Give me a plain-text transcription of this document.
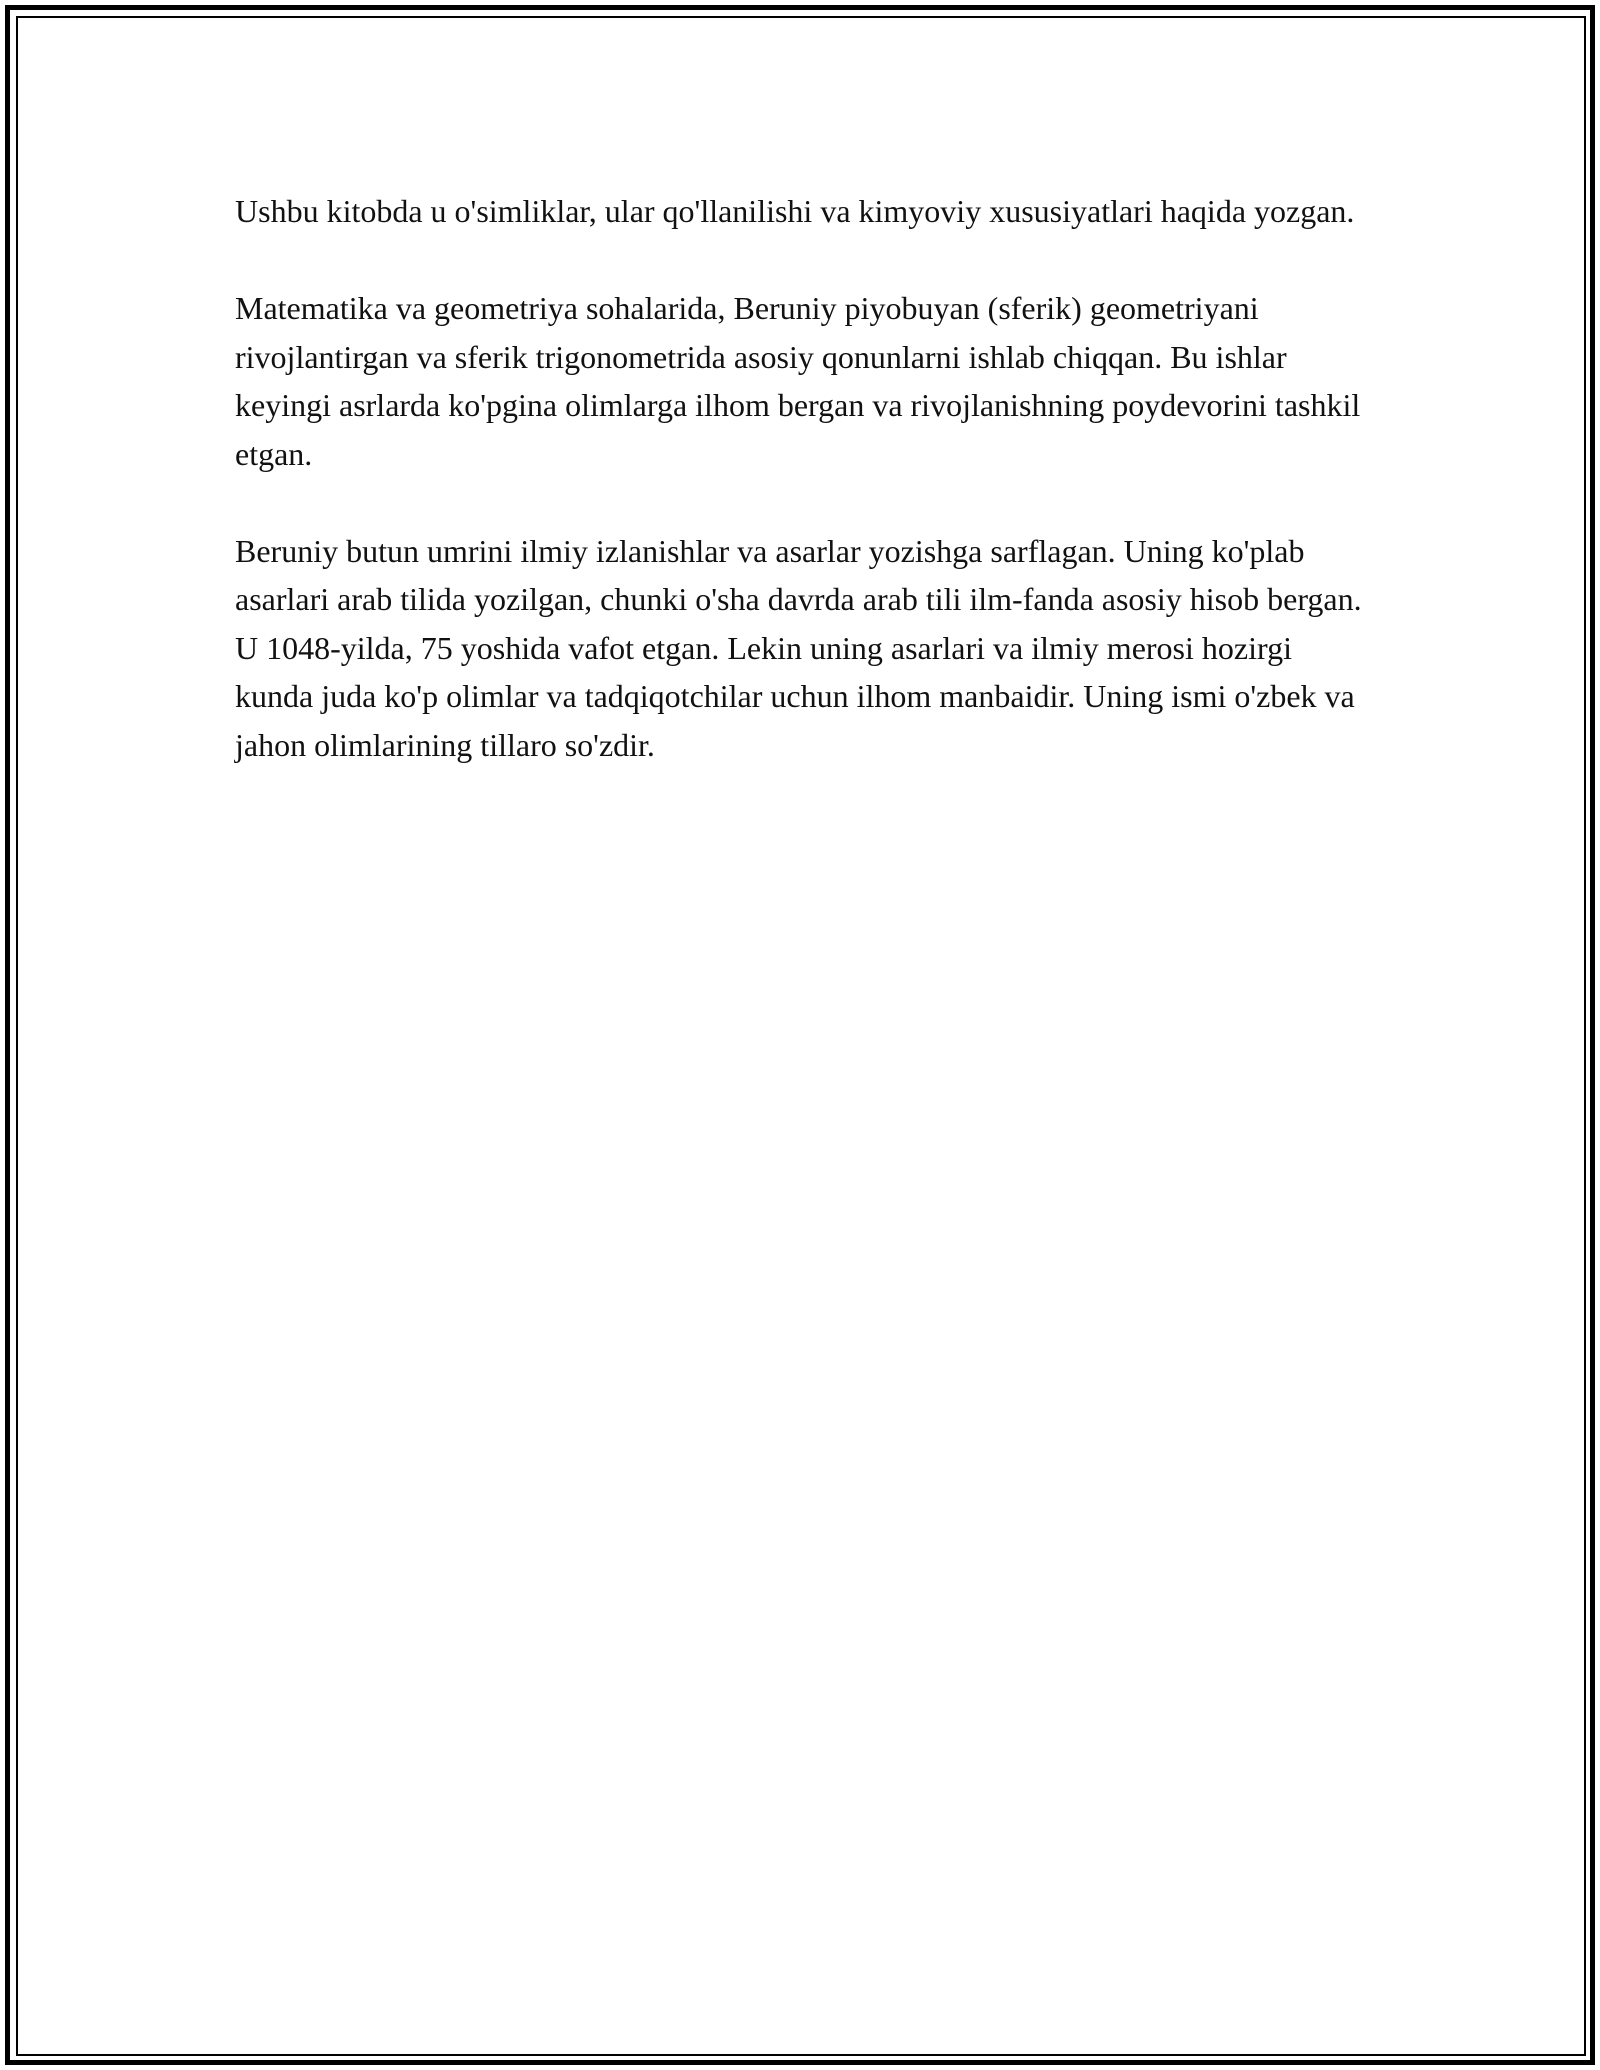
Ushbu kitobda u o'simliklar, ular qo'llanilishi va kimyoviy xususiyatlari haqida yozgan.

Matematika va geometriya sohalarida, Beruniy piyobuyan (sferik) geometriyani rivojlantirgan va sferik trigonometrida asosiy qonunlarni ishlab chiqqan. Bu ishlar keyingi asrlarda ko'pgina olimlarga ilhom bergan va rivojlanishning poydevorini tashkil etgan.

Beruniy butun umrini ilmiy izlanishlar va asarlar yozishga sarflagan. Uning ko'plab asarlari arab tilida yozilgan, chunki o'sha davrda arab tili ilm-fanda asosiy hisob bergan. U 1048-yilda, 75 yoshida vafot etgan. Lekin uning asarlari va ilmiy merosi hozirgi kunda juda ko'p olimlar va tadqiqotchilar uchun ilhom manbaidir. Uning ismi o'zbek va jahon olimlarining tillaro so'zdir.
